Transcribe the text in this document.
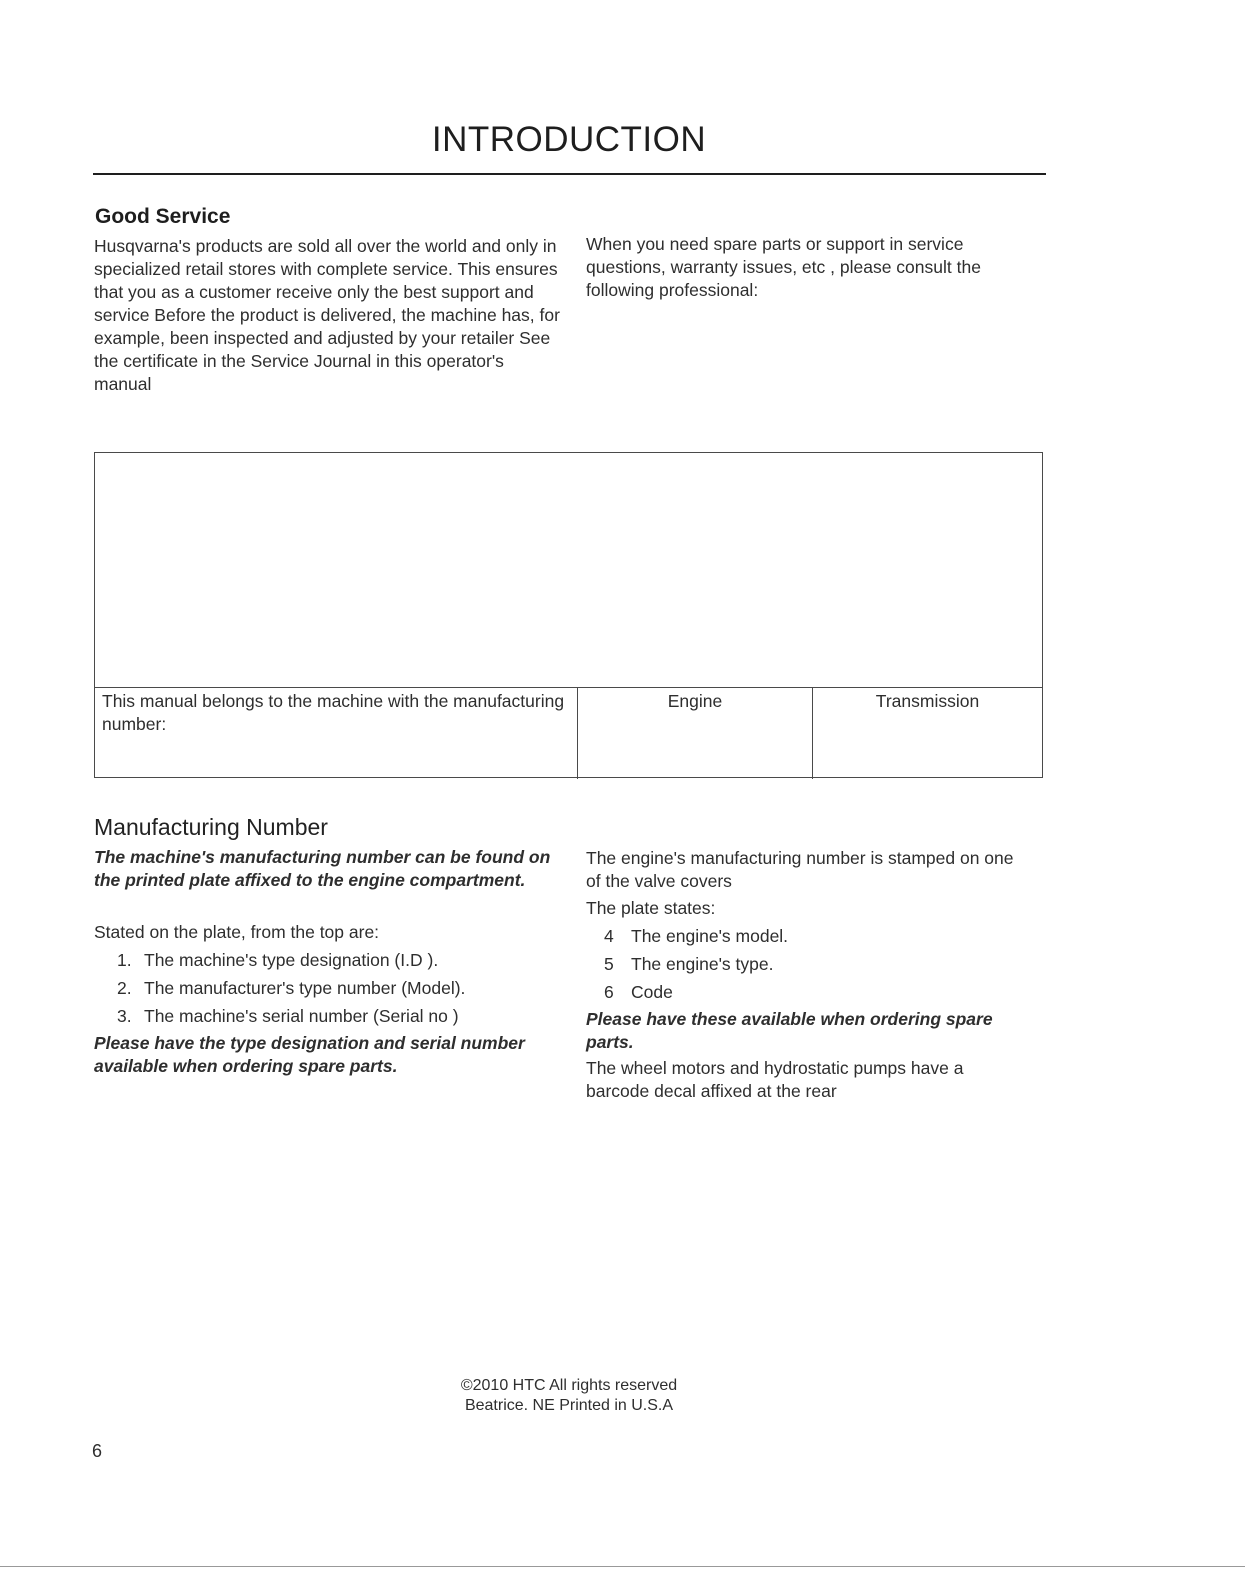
INTRODUCTION
Good Service
Husqvarna's products are sold all over the world and only in specialized retail stores with complete service. This ensures that you as a customer receive only the best support and service Before the product is delivered, the machine has, for example, been inspected and adjusted by your retailer See the certificate in the Service Journal in this operator's manual
When you need spare parts or support in service questions, warranty issues, etc , please consult the following professional:
This manual belongs to the machine with the manufacturing number:
Engine	Transmission
Manufacturing Number
The machine's manufacturing number can be found on the printed plate affixed to the engine compartment.
Stated on the plate, from the top are:
1. The machine's type designation (I.D ).
2. The manufacturer's type number (Model).
3. The machine's serial number (Serial no )
Please have the type designation and serial number available when ordering spare parts.
The engine's manufacturing number is stamped on one of the valve covers
The plate states:
4 The engine's model.
5 The engine's type.
6 Code
Please have these available when ordering spare parts.
The wheel motors and hydrostatic pumps have a barcode decal affixed at the rear
©2010 HTC All rights reserved
Beatrice. NE Printed in U.S.A
6
